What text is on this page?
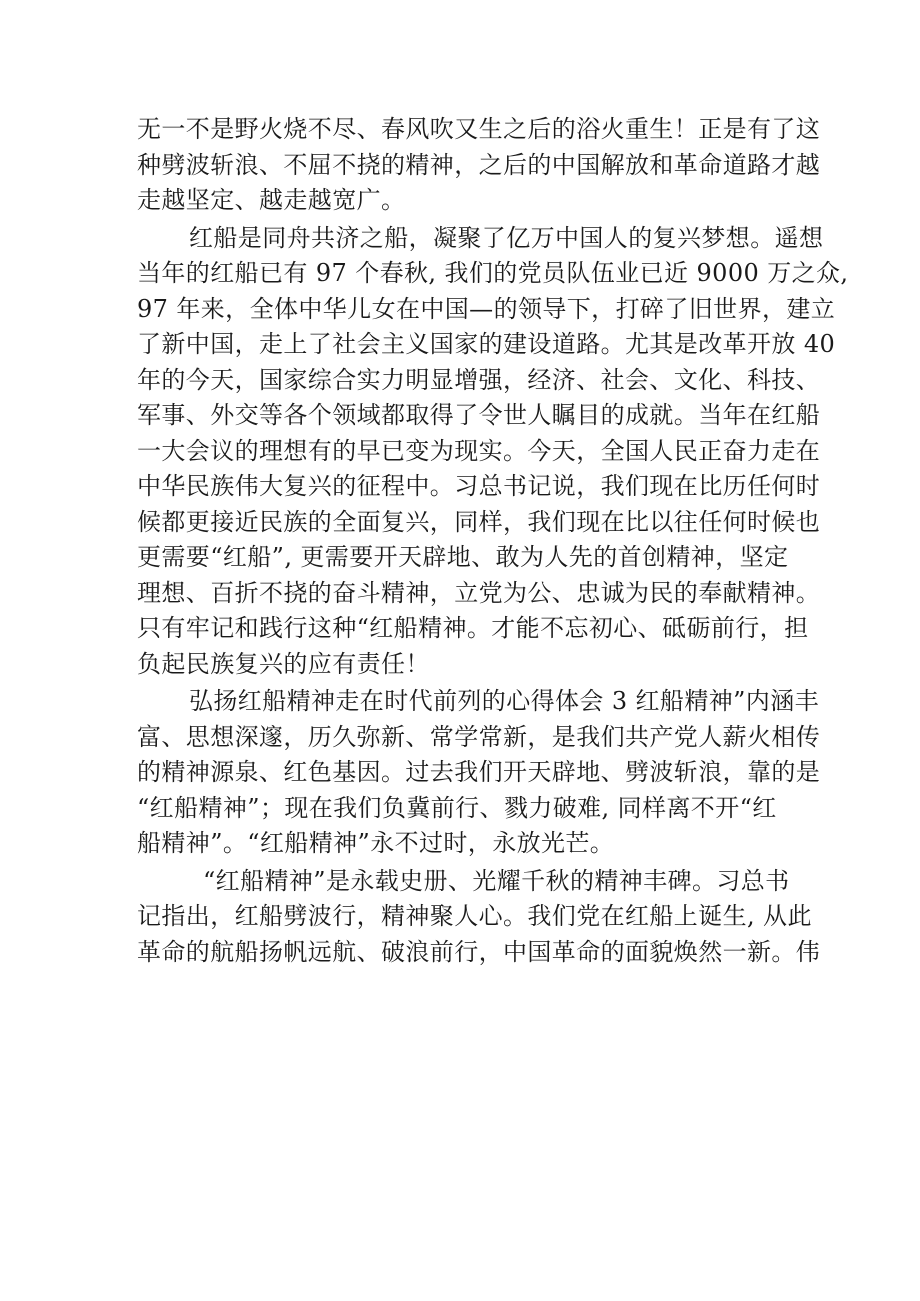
无一不是野火烧不尽、春风吹又生之后的浴火重生！正是有了这
种劈波斩浪、不屈不挠的精神，之后的中国解放和革命道路才越
走越坚定、越走越宽广。
红船是同舟共济之船，凝聚了亿万中国人的复兴梦想。遥想
当年的红船已有 97 个春秋, 我们的党员队伍业已近 9000 万之众,
97 年来，全体中华儿女在中国—的领导下，打碎了旧世界，建立
了新中国，走上了社会主义国家的建设道路。尤其是改革开放 40
年的今天，国家综合实力明显增强，经济、社会、文化、科技、
军事、外交等各个领域都取得了令世人瞩目的成就。当年在红船
一大会议的理想有的早已变为现实。今天，全国人民正奋力走在
中华民族伟大复兴的征程中。习总书记说，我们现在比历任何时
候都更接近民族的全面复兴，同样，我们现在比以往任何时候也
更需要“红船”, 更需要开天辟地、敢为人先的首创精神，坚定
理想、百折不挠的奋斗精神，立党为公、忠诚为民的奉献精神。
只有牢记和践行这种“红船精神。才能不忘初心、砥砺前行，担
负起民族复兴的应有责任！
弘扬红船精神走在时代前列的心得体会 3 红船精神”内涵丰
富、思想深邃，历久弥新、常学常新，是我们共产党人薪火相传
的精神源泉、红色基因。过去我们开天辟地、劈波斩浪，靠的是
“红船精神”；现在我们负冀前行、戮力破难, 同样离不开“红
船精神”。“红船精神”永不过时，永放光芒。
“红船精神”是永载史册、光耀千秋的精神丰碑。习总书
记指出，红船劈波行，精神聚人心。我们党在红船上诞生, 从此
革命的航船扬帆远航、破浪前行，中国革命的面貌焕然一新。伟
